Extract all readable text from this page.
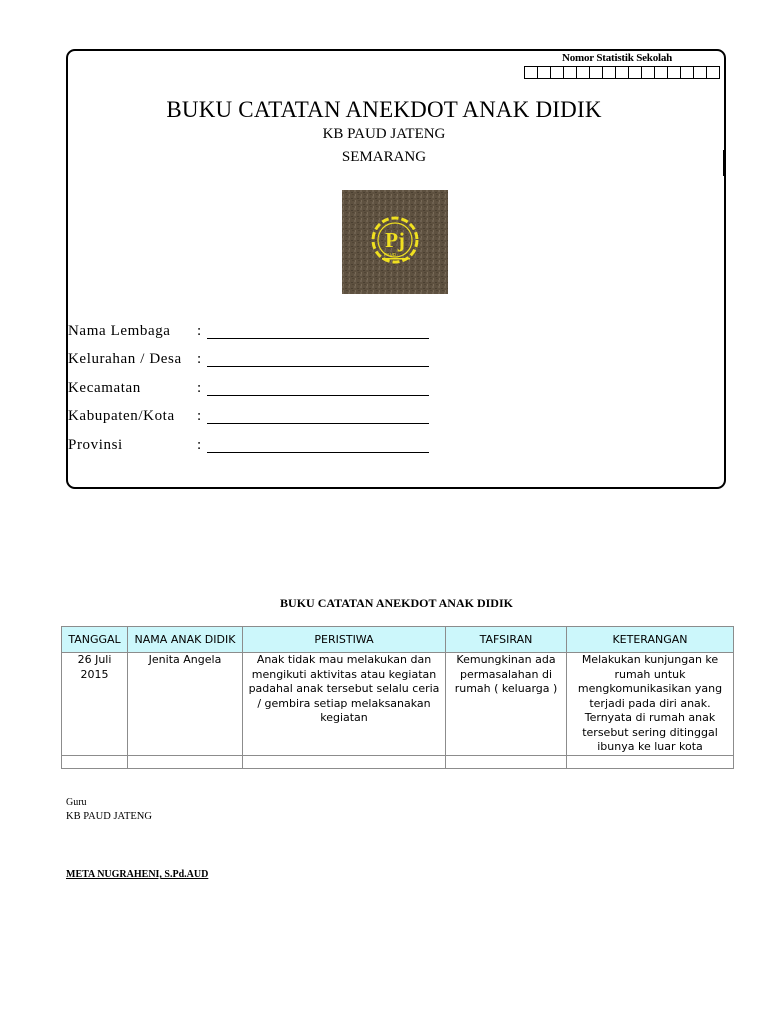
Nomor Statistik Sekolah
BUKU CATATAN ANEKDOT ANAK DIDIK
KB PAUD JATENG
SEMARANG
Pj
PAUD
Nama Lembaga :
Kelurahan / Desa :
Kecamatan	:
Kabupaten/Kota :
Provinsi	:
BUKU CATATAN ANEKDOT ANAK DIDIK
TANGGAL	NAMA ANAK DIDIK	PERISTIWA	TAFSIRAN	KETERANGAN
26 Juli 2015	Jenita Angela	Anak tidak mau melakukan dan mengikuti aktivitas atau kegiatan padahal anak tersebut selalu ceria / gembira setiap melaksanakan kegiatan	Kemungkinan ada permasalahan di rumah ( keluarga )	Melakukan kunjungan ke rumah untuk mengkomunikasikan yang terjadi pada diri anak. Ternyata di rumah anak tersebut sering ditinggal ibunya ke luar kota

Guru
KB PAUD JATENG
META NUGRAHENI, S.Pd.AUD
